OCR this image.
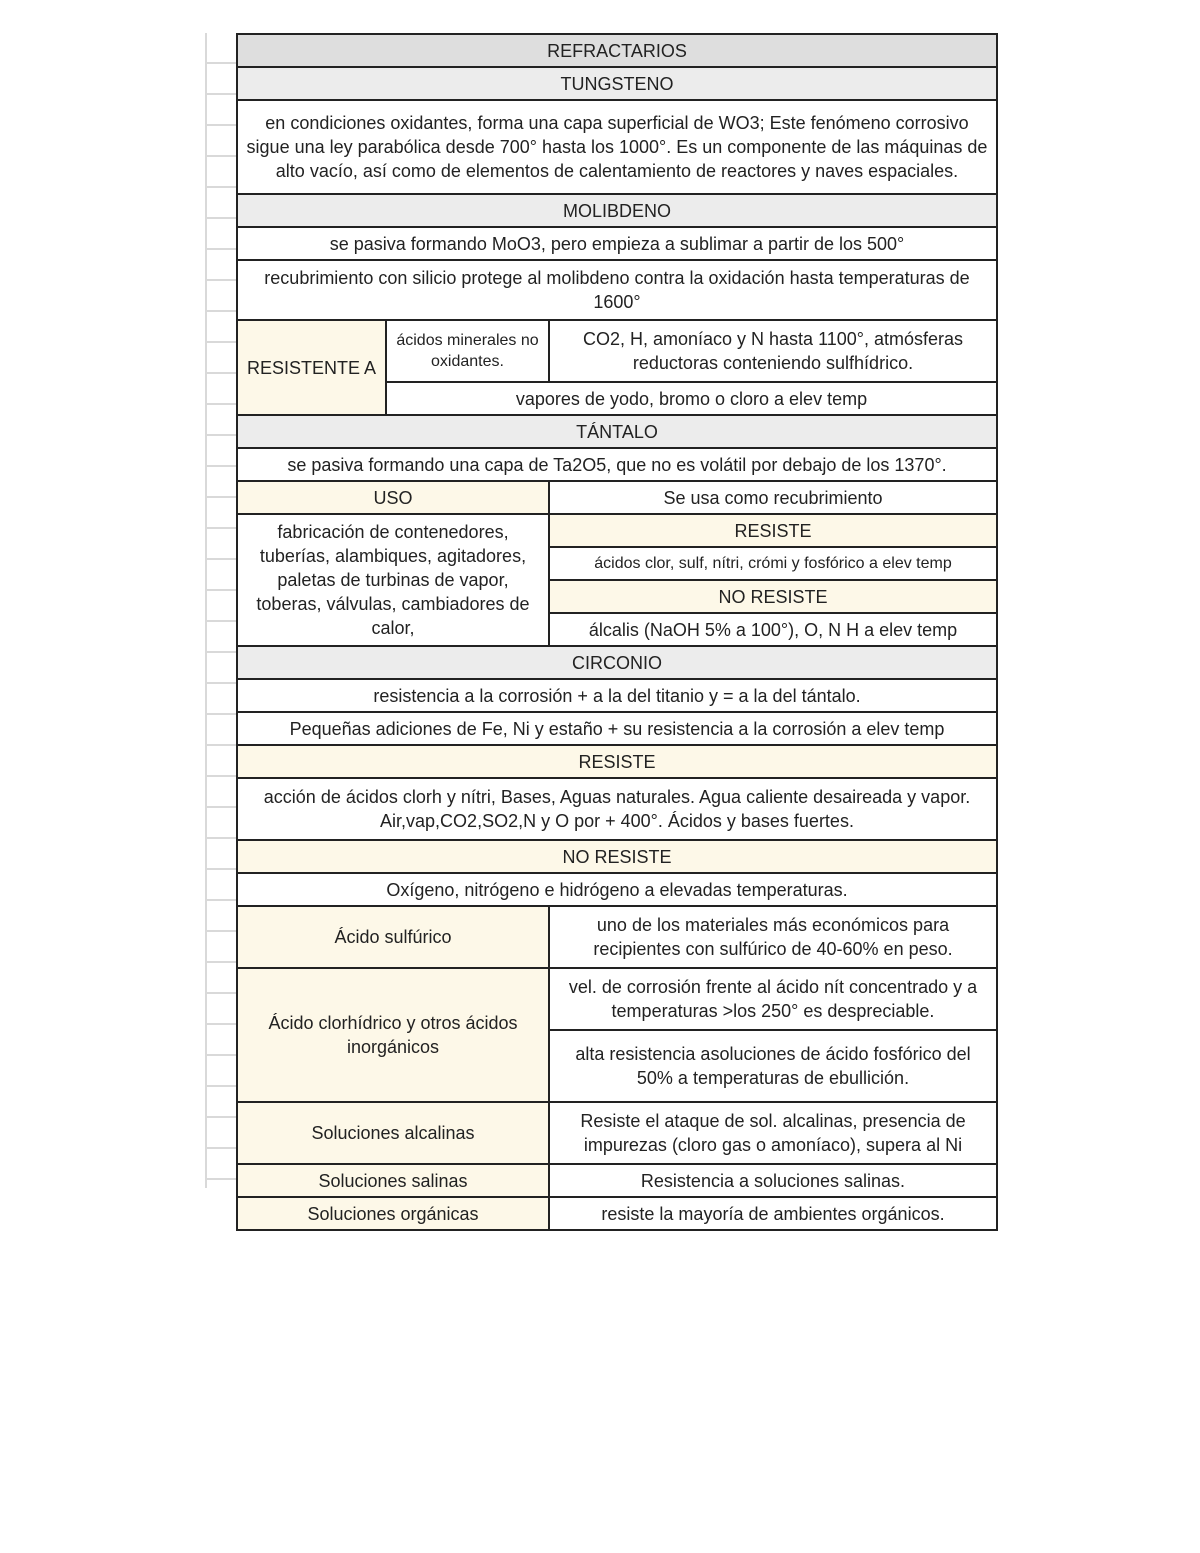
REFRACTARIOS		
TUNGSTENO		
en condiciones oxidantes, forma una capa superficial de WO3; Este fenómeno corrosivo sigue una ley parabólica desde 700° hasta los 1000°. Es un componente de las máquinas de alto vacío, así como de elementos de calentamiento de reactores y naves espaciales.		
MOLIBDENO		
se pasiva formando MoO3, pero empieza a sublimar a partir de los 500°		
recubrimiento con silicio protege al molibdeno contra la oxidación hasta temperaturas de 1600°		
RESISTENTE A	ácidos minerales no oxidantes.	CO2, H, amoníaco y N hasta 1100°, atmósferas reductoras conteniendo sulfhídrico.
	vapores de yodo, bromo o cloro a elev temp	
TÁNTALO		
se pasiva formando una capa de Ta2O5, que no es volátil por debajo de los 1370°.		
USO		Se usa como recubrimiento
fabricación de contenedores, tuberías, alambiques, agitadores, paletas de turbinas de vapor, toberas, válvulas, cambiadores de calor,		RESISTE
		ácidos clor, sulf, nítri, crómi y fosfórico a elev temp
		NO RESISTE
		álcalis (NaOH 5% a 100°), O, N H a elev temp
CIRCONIO		
resistencia a la corrosión + a la del titanio y = a la del tántalo.		
Pequeñas adiciones de Fe, Ni y estaño + su resistencia a la corrosión a elev temp		
RESISTE		
acción de ácidos clorh y nítri, Bases, Aguas naturales. Agua caliente desaireada y vapor. Air,vap,CO2,SO2,N y O por + 400°. Ácidos y bases fuertes.		
NO RESISTE		
Oxígeno, nitrógeno e hidrógeno a elevadas temperaturas.		
Ácido sulfúrico		uno de los materiales más económicos para recipientes con sulfúrico de 40-60% en peso.
Ácido clorhídrico y otros ácidos inorgánicos		vel. de corrosión frente al ácido nít concentrado y a temperaturas >los 250° es despreciable.
		alta resistencia asoluciones de ácido fosfórico del 50% a temperaturas de ebullición.
Soluciones alcalinas		Resiste el ataque de sol. alcalinas, presencia de impurezas (cloro gas o amoníaco), supera al Ni
Soluciones salinas		Resistencia a soluciones salinas.
Soluciones orgánicas		resiste la mayoría de ambientes orgánicos.
